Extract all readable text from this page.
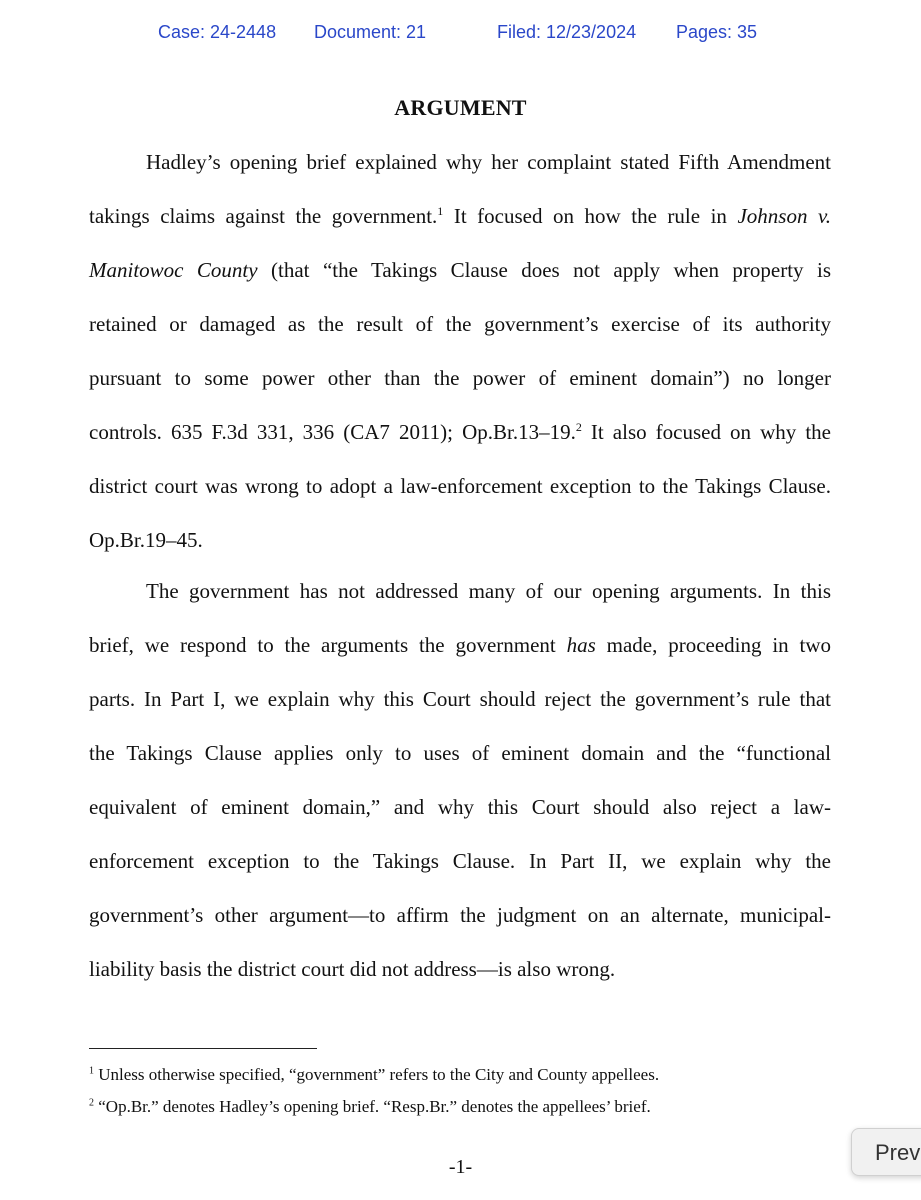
Case: 24-2448 Document: 21	Filed: 12/23/2024 Pages: 35
ARGUMENT
Hadley’s opening brief explained why her complaint stated Fifth Amendment
takings claims against the government.$^1$ It focused on how the rule in Johnson v.
Manitowoc County (that “the Takings Clause does not apply when property is
retained or damaged as the result of the government’s exercise of its authority
pursuant to some power other than the power of eminent domain”) no longer
controls. 635 F.3d 331, 336 (CA7 2011); Op.Br.13–19.$^2$ It also focused on why the
district court was wrong to adopt a law-enforcement exception to the Takings Clause.
Op.Br.19–45.
The government has not addressed many of our opening arguments. In this
brief, we respond to the arguments the government has made, proceeding in two
parts. In Part I, we explain why this Court should reject the government’s rule that
the Takings Clause applies only to uses of eminent domain and the “functional
equivalent of eminent domain,” and why this Court should also reject a law-
enforcement exception to the Takings Clause. In Part II, we explain why the
government’s other argument—to affirm the judgment on an alternate, municipal-
liability basis the district court did not address—is also wrong.
$^1$ Unless otherwise specified, “government” refers to the City and County appellees.
$^2$ “Op.Br.” denotes Hadley’s opening brief. “Resp.Br.” denotes the appellees’ brief.
-1-
Prev
